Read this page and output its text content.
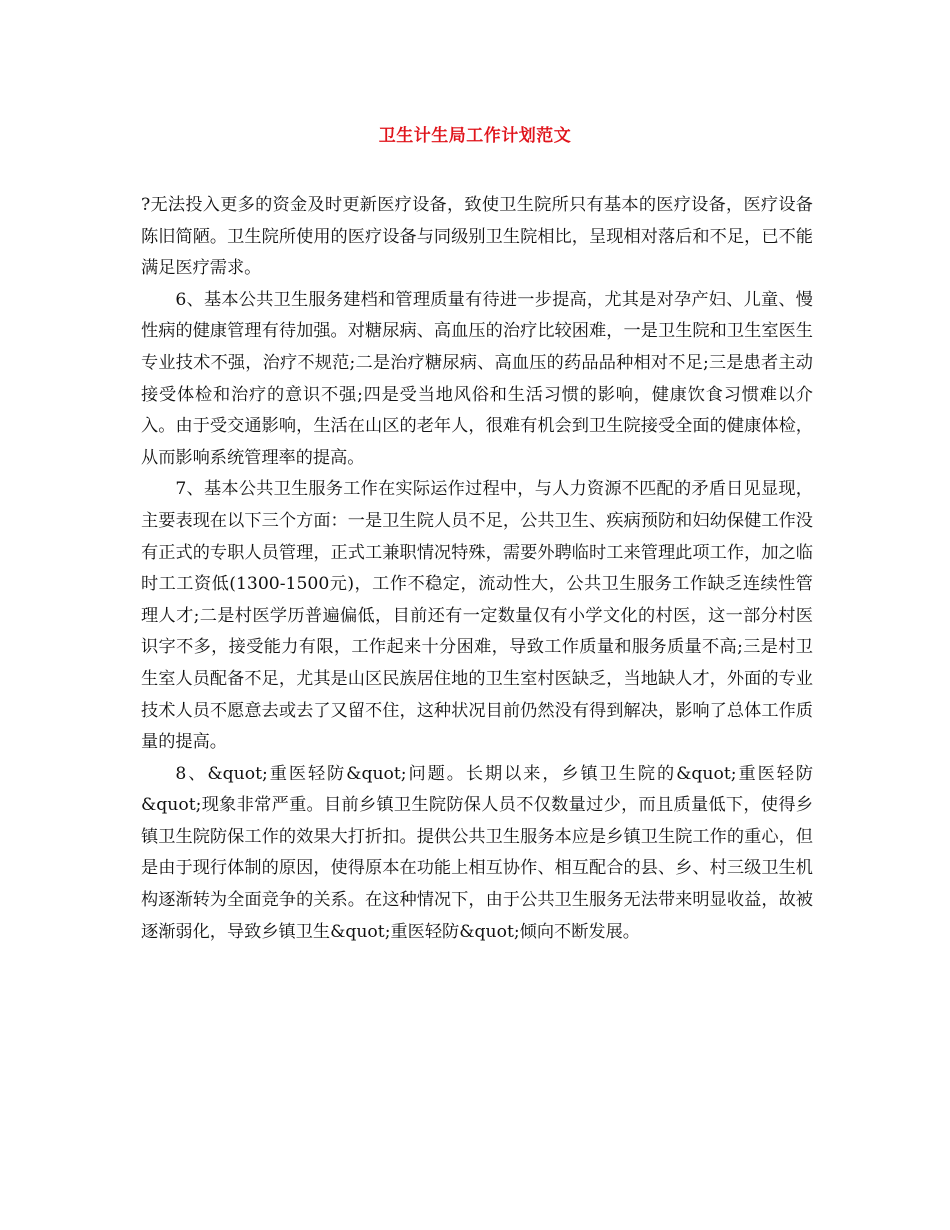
卫生计生局工作计划范文

?无法投入更多的资金及时更新医疗设备，致使卫生院所只有基本的医疗设备，医疗设备陈旧简陋。卫生院所使用的医疗设备与同级别卫生院相比，呈现相对落后和不足，已不能满足医疗需求。

6、基本公共卫生服务建档和管理质量有待进一步提高，尤其是对孕产妇、儿童、慢性病的健康管理有待加强。对糖尿病、高血压的治疗比较困难，一是卫生院和卫生室医生专业技术不强，治疗不规范;二是治疗糖尿病、高血压的药品品种相对不足;三是患者主动接受体检和治疗的意识不强;四是受当地风俗和生活习惯的影响，健康饮食习惯难以介入。由于受交通影响，生活在山区的老年人，很难有机会到卫生院接受全面的健康体检，从而影响系统管理率的提高。

7、基本公共卫生服务工作在实际运作过程中，与人力资源不匹配的矛盾日见显现，主要表现在以下三个方面：一是卫生院人员不足，公共卫生、疾病预防和妇幼保健工作没有正式的专职人员管理，正式工兼职情况特殊，需要外聘临时工来管理此项工作，加之临时工工资低(1300-1500元)，工作不稳定，流动性大，公共卫生服务工作缺乏连续性管理人才;二是村医学历普遍偏低，目前还有一定数量仅有小学文化的村医，这一部分村医识字不多，接受能力有限，工作起来十分困难，导致工作质量和服务质量不高;三是村卫生室人员配备不足，尤其是山区民族居住地的卫生室村医缺乏，当地缺人才，外面的专业技术人员不愿意去或去了又留不住，这种状况目前仍然没有得到解决，影响了总体工作质量的提高。

8、&quot;重医轻防&quot;问题。长期以来，乡镇卫生院的&quot;重医轻防&quot;现象非常严重。目前乡镇卫生院防保人员不仅数量过少，而且质量低下，使得乡镇卫生院防保工作的效果大打折扣。提供公共卫生服务本应是乡镇卫生院工作的重心，但是由于现行体制的原因，使得原本在功能上相互协作、相互配合的县、乡、村三级卫生机构逐渐转为全面竞争的关系。在这种情况下，由于公共卫生服务无法带来明显收益，故被逐渐弱化，导致乡镇卫生&quot;重医轻防&quot;倾向不断发展。
